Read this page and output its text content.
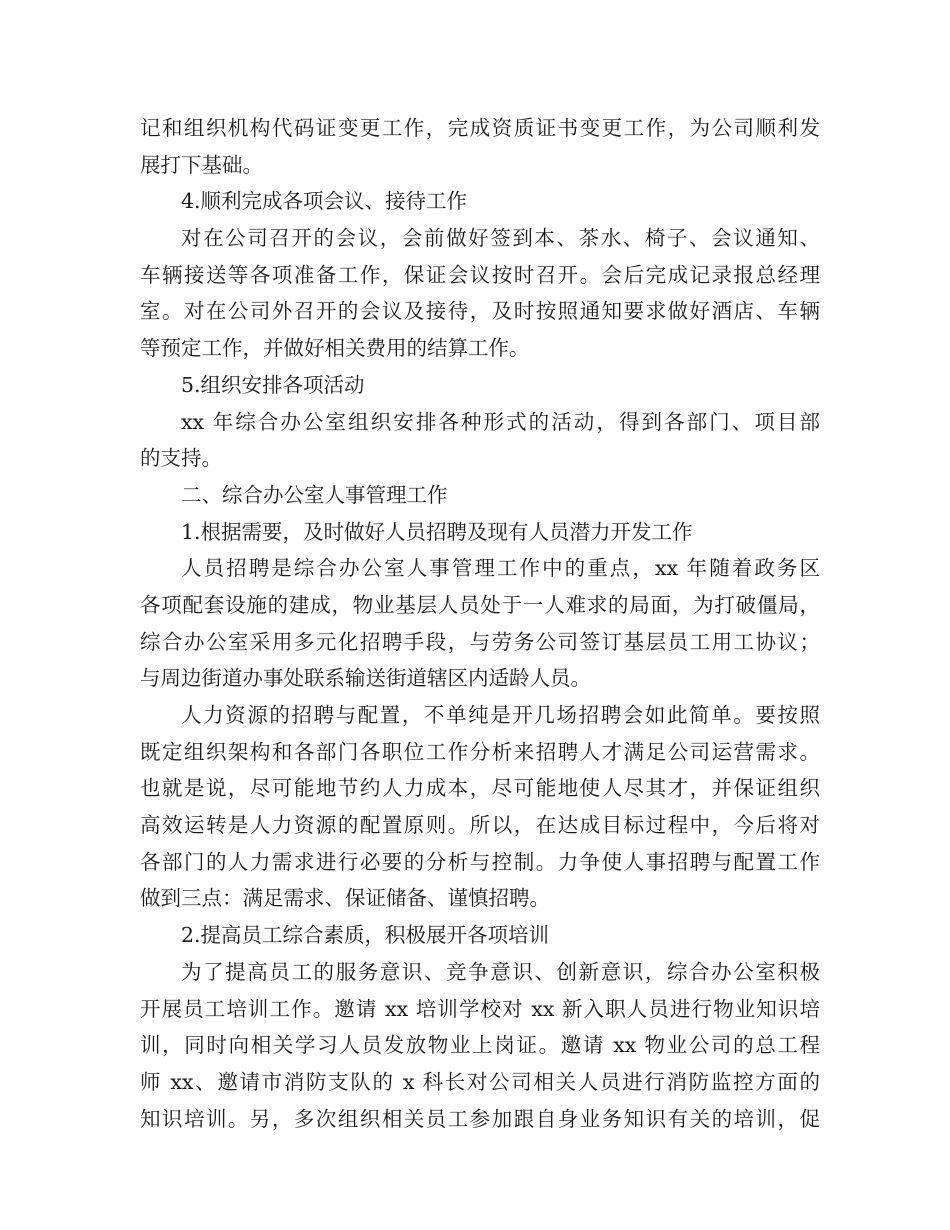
记和组织机构代码证变更工作，完成资质证书变更工作，为公司顺利发
展打下基础。
4.顺利完成各项会议、接待工作
对在公司召开的会议，会前做好签到本、茶水、椅子、会议通知、
车辆接送等各项准备工作，保证会议按时召开。会后完成记录报总经理
室。对在公司外召开的会议及接待，及时按照通知要求做好酒店、车辆
等预定工作，并做好相关费用的结算工作。
5.组织安排各项活动
xx 年综合办公室组织安排各种形式的活动，得到各部门、项目部
的支持。
二、综合办公室人事管理工作
1.根据需要，及时做好人员招聘及现有人员潜力开发工作
人员招聘是综合办公室人事管理工作中的重点，xx 年随着政务区
各项配套设施的建成，物业基层人员处于一人难求的局面，为打破僵局，
综合办公室采用多元化招聘手段，与劳务公司签订基层员工用工协议；
与周边街道办事处联系输送街道辖区内适龄人员。
人力资源的招聘与配置，不单纯是开几场招聘会如此简单。要按照
既定组织架构和各部门各职位工作分析来招聘人才满足公司运营需求。
也就是说，尽可能地节约人力成本，尽可能地使人尽其才，并保证组织
高效运转是人力资源的配置原则。所以，在达成目标过程中，今后将对
各部门的人力需求进行必要的分析与控制。力争使人事招聘与配置工作
做到三点：满足需求、保证储备、谨慎招聘。
2.提高员工综合素质，积极展开各项培训
为了提高员工的服务意识、竞争意识、创新意识，综合办公室积极
开展员工培训工作。邀请 xx 培训学校对 xx 新入职人员进行物业知识培
训，同时向相关学习人员发放物业上岗证。邀请 xx 物业公司的总工程
师 xx、邀请市消防支队的 x 科长对公司相关人员进行消防监控方面的
知识培训。另，多次组织相关员工参加跟自身业务知识有关的培训，促
